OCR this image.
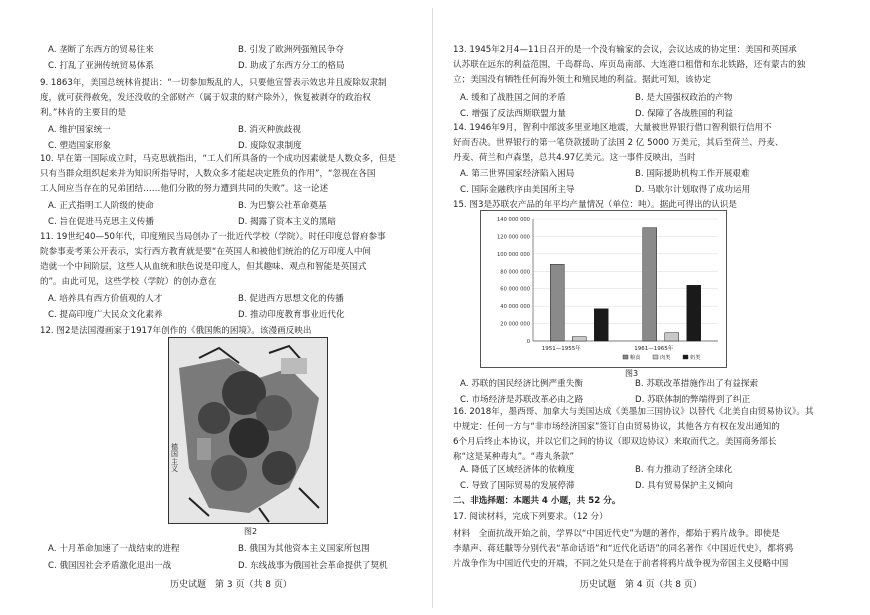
A. 垄断了东西方的贸易往来	B. 引发了欧洲列强殖民争夺
C. 打乱了亚洲传统贸易体系	D. 助成了东西方分工的格局
9. 1863年，美国总统林肯提出：“一切参加叛乱的人，只要他宣誓表示效忠并且废除奴隶制
度，就可获得赦免，发还没收的全部财产（属于奴隶的财产除外），恢复被剥夺的政治权
利。”林肯的主要目的是
A. 维护国家统一	B. 消灭种族歧视
C. 塑造国家形象	D. 废除奴隶制度
10. 早在第一国际成立时，马克思就指出，“工人们所具备的一个成功因素就是人数众多，但是
只有当群众组织起来并为知识所指导时，人数众多才能起决定胜负的作用”，“忽视在各国
工人间应当存在的兄弟团结……他们分散的努力遭到共同的失败”。这一论述
A. 正式指明工人阶级的使命	B. 为巴黎公社革命奠基
C. 旨在促进马克思主义传播	D. 揭露了资本主义的黑暗
11. 19世纪40—50年代，印度殖民当局创办了一批近代学校（学院）。时任印度总督府参事
院参事麦考莱公开表示，实行西方教育就是要“在英国人和被他们统治的亿万印度人中间
造就一个中间阶层，这些人从血统和肤色说是印度人，但其趣味、观点和智能是英国式
的”。由此可见，这些学校（学院）的创办意在
A. 培养具有西方价值观的人才	B. 促进西方思想文化的传播
C. 提高印度广大民众文化素养	D. 推动印度教育事业近代化
12. 图2是法国漫画家于1917年创作的《俄国熊的困境》。该漫画反映出
德国主义
图2
A. 十月革命加速了一战结束的进程	B. 俄国为其他资本主义国家所包围
C. 俄国因社会矛盾激化退出一战	D. 东线战事为俄国社会革命提供了契机
历史试题　第 3 页（共 8 页）
13. 1945年2月4—11日召开的是一个没有输家的会议，会议达成的协定里：美国和英国承
认苏联在远东的利益范围，千岛群岛、库页岛南部、大连港口租借和东北铁路，还有蒙古的独
立；美国没有牺牲任何海外领土和殖民地的利益。据此可知，该协定
A. 缓和了战胜国之间的矛盾	B. 是大国强权政治的产物
C. 增强了反法西斯联盟力量	D. 保障了各战胜国的利益
14. 1946年9月，智利中部波多里亚地区地震，大量被世界银行借口智利银行信用不
好而否决。世界银行的第一笔贷款援助了法国 2 亿 5000 万美元，其后至荷兰、丹麦、
丹麦、荷兰和卢森堡，总共4.97亿美元。这一事件反映出，当时
A. 第三世界国家经济陷入困局	B. 国际援助机构工作开展艰难
C. 国际金融秩序由美国所主导	D. 马歇尔计划取得了成功运用
15. 图3是苏联农产品的年平均产量情况（单位：吨）。据此可得出的认识是
0
20 000 000
40 000 000
60 000 000
80 000 000
100 000 000
120 000 000
140 000 000
1951—1955年	1961—1965年
粮食	肉类	奶类
图3
A. 苏联的国民经济比例严重失衡	B. 苏联改革措施作出了有益探索
C. 市场经济是苏联改革必由之路	D. 苏联体制的弊端得到了纠正
16. 2018年，墨西哥、加拿大与美国达成《美墨加三国协议》以替代《北美自由贸易协议》。其
中规定：任何一方与“非市场经济国家”签订自由贸易协议，其他各方有权在发出通知的
6个月后终止本协议，并以它们之间的协议（即双边协议）来取而代之。美国商务部长
称“这是某种毒丸”。“毒丸条款”
A. 降低了区域经济体的依赖度	B. 有力推动了经济全球化
C. 导致了国际贸易的发展停滞	D. 具有贸易保护主义倾向
二、非选择题：本题共 4 小题，共 52 分。
17. 阅读材料，完成下列要求。（12 分）
材料　全面抗战开始之前，学界以“中国近代史”为题的著作，都始于鸦片战争。即使是
李鼎声、蒋廷黻等分别代表“革命话语”和“近代化话语”的同名著作《中国近代史》，都将鸦
片战争作为中国近代史的开端，不同之处只是在于前者将鸦片战争视为帝国主义侵略中国
历史试题　第 4 页（共 8 页）
